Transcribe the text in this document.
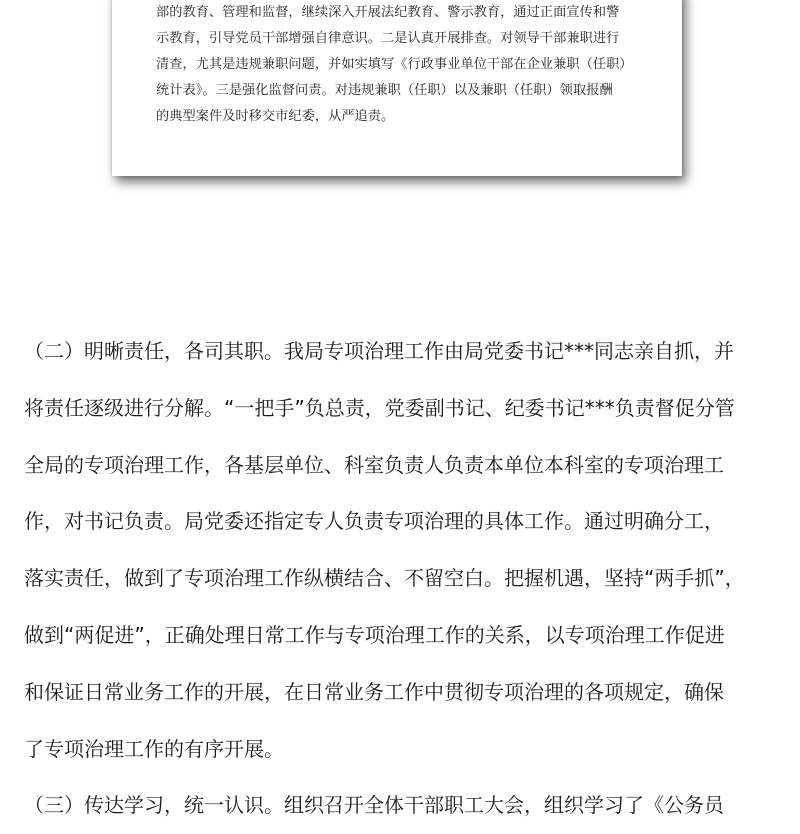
部的教育、管理和监督，继续深入开展法纪教育、警示教育，通过正面宣传和警
示教育，引导党员干部增强自律意识。二是认真开展排查。对领导干部兼职进行
清查，尤其是违规兼职问题，并如实填写《行政事业单位干部在企业兼职（任职）
统计表》。三是强化监督问责。对违规兼职（任职）以及兼职（任职）领取报酬
的典型案件及时移交市纪委，从严追责。

（二）明晰责任，各司其职。我局专项治理工作由局党委书记***同志亲自抓，并
将责任逐级进行分解。“一把手”负总责，党委副书记、纪委书记***负责督促分管
全局的专项治理工作，各基层单位、科室负责人负责本单位本科室的专项治理工
作，对书记负责。局党委还指定专人负责专项治理的具体工作。通过明确分工，
落实责任，做到了专项治理工作纵横结合、不留空白。把握机遇，坚持“两手抓”，
做到“两促进”，正确处理日常工作与专项治理工作的关系，以专项治理工作促进
和保证日常业务工作的开展，在日常业务工作中贯彻专项治理的各项规定，确保
了专项治理工作的有序开展。
（三）传达学习，统一认识。组织召开全体干部职工大会，组织学习了《公务员
